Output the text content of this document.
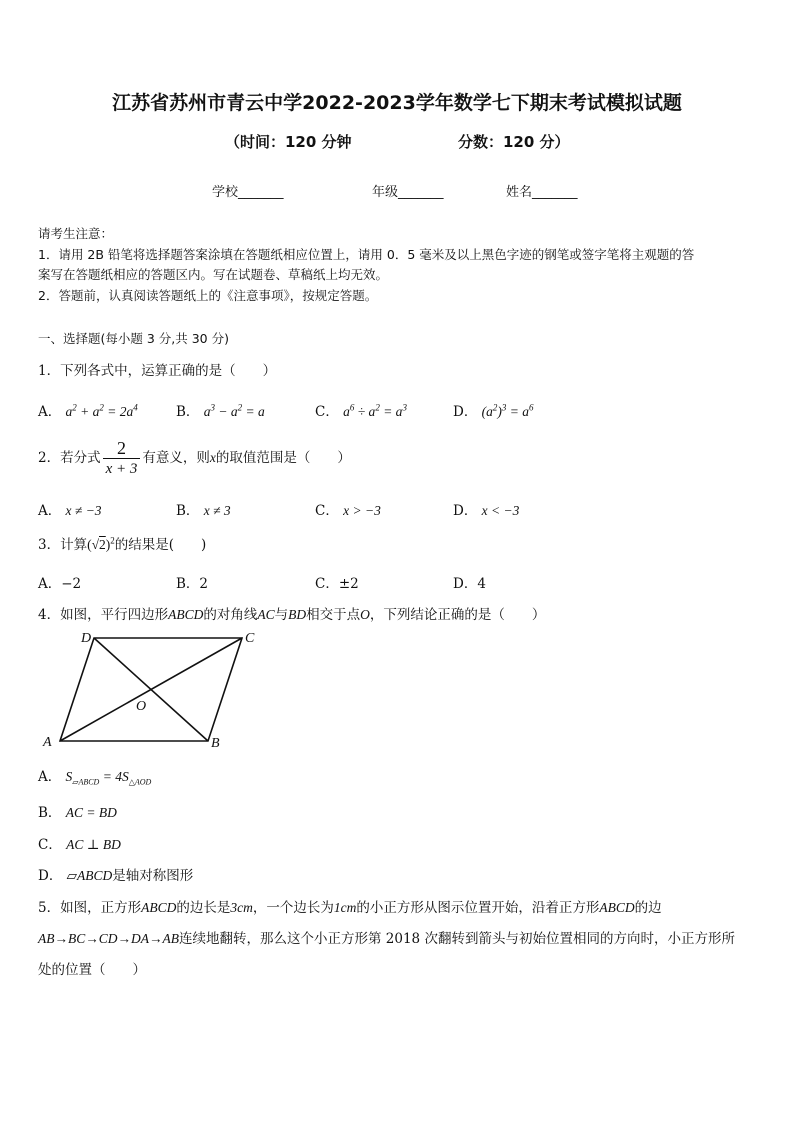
江苏省苏州市青云中学2022-2023学年数学七下期末考试模拟试题
（时间：120 分钟	分数：120 分）
学校_______	年级_______	姓名_______
请考生注意：
1．请用 2B 铅笔将选择题答案涂填在答题纸相应位置上，请用 0．5 毫米及以上黑色字迹的钢笔或签字笔将主观题的答
案写在答题纸相应的答题区内。写在试题卷、草稿纸上均无效。
2．答题前，认真阅读答题纸上的《注意事项》，按规定答题。
一、选择题(每小题 3 分,共 30 分)
1．下列各式中，运算正确的是（　　）
A． $a^2 + a^2 = 2a^4$	B． $a^3 - a^2 = a$	C． $a^6 \div a^2 = a^3$	D． $(a^2)^3 = a^6$
2．若分式 $\frac{2}{x + 3}$ 有意义，则x的取值范围是（　　）
A． x ≠ −3	B． x ≠ 3	C． x > −3	D． x < −3
3．计算$(√2)^2$的结果是(　　)
A．−2	B．2	C．±2	D．4
4．如图，平行四边形ABCD的对角线AC与BD相交于点O，下列结论正确的是（　　）
A	B
C
D
O
A． $S_{▱ABCD} = 4S_{\triangle AOD}$
B． AC = BD
C． AC ⊥ BD
D． ▱ABCD是轴对称图形
5．如图，正方形ABCD的边长是3cm，一个边长为1cm的小正方形从图示位置开始，沿着正方形ABCD的边
AB→BC→CD→DA→AB连续地翻转，那么这个小正方形第 2018 次翻转到箭头与初始位置相同的方向时，小正方形所
处的位置（　　）
